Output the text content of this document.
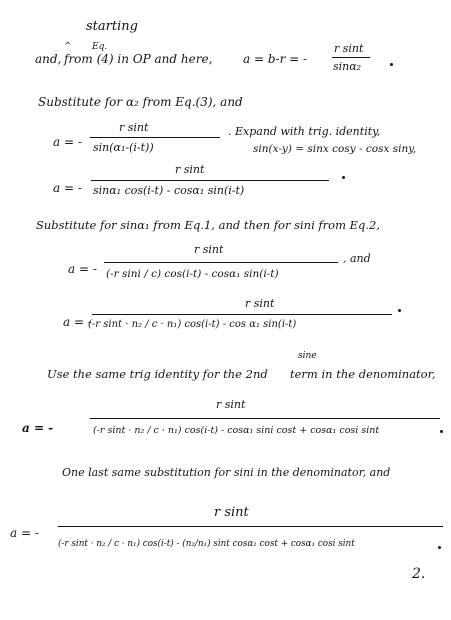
starting
and,
^ Eq.
from (4) in OP and here,	a = b-r = -
r sint
sinα₂
Substitute for α₂ from Eq.(3), and
a = -
r sint
sin(α₁-(i-t))
. Expand with trig. identity,
sin(x-y) = sinx cosy - cosx siny,
a = -
r sint
sinα₁ cos(i-t) - cosα₁ sin(i-t)
Substitute for sinα₁ from Eq.1, and then for sini from Eq.2,
a = -
r sint
(-r sini / c) cos(i-t) - cosα₁ sin(i-t)
, and
a = -
r sint
(-r sint · n₂ / c · n₁) cos(i-t) - cos α₁ sin(i-t)
Use the same trig identity for the 2nd
sine
term in the denominator,
a = -
r sint
(-r sint · n₂ / c · n₁) cos(i-t) - cosα₁ sini cost + cosα₁ cosi sint
One last same substitution for sini in the denominator, and
a = -
r sint
(-r sint · n₂ / c · n₁) cos(i-t) - (n₂/n₁) sint cosα₁ cost + cosα₁ cosi sint
2.
